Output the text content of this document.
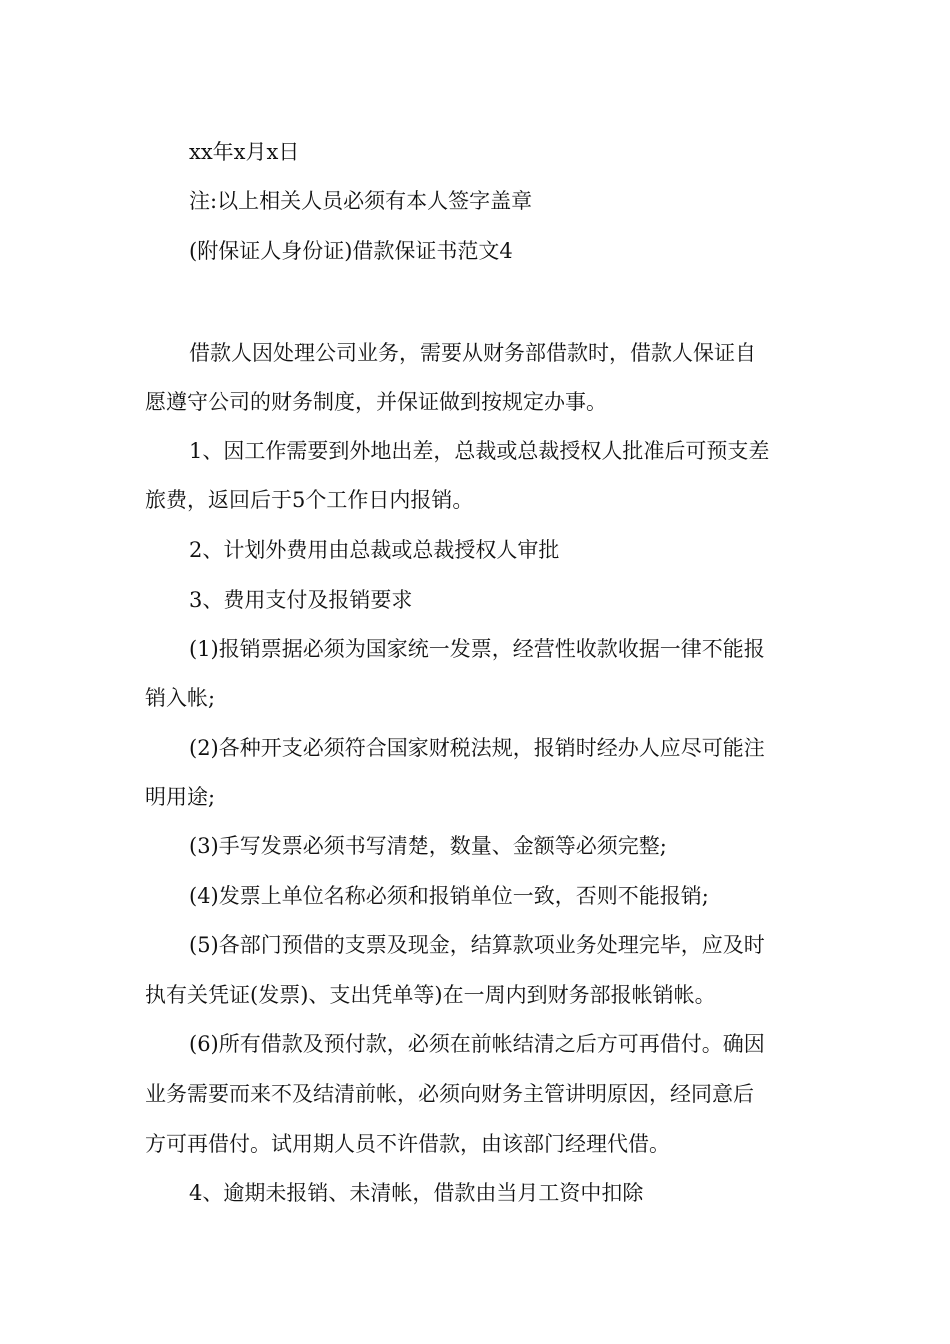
xx年x月x日
注:以上相关人员必须有本人签字盖章
(附保证人身份证)借款保证书范文4
借款人因处理公司业务，需要从财务部借款时，借款人保证自
愿遵守公司的财务制度，并保证做到按规定办事。
1、因工作需要到外地出差，总裁或总裁授权人批准后可预支差
旅费，返回后于5个工作日内报销。
2、计划外费用由总裁或总裁授权人审批
3、费用支付及报销要求
(1)报销票据必须为国家统一发票，经营性收款收据一律不能报
销入帐;
(2)各种开支必须符合国家财税法规，报销时经办人应尽可能注
明用途;
(3)手写发票必须书写清楚，数量、金额等必须完整;
(4)发票上单位名称必须和报销单位一致，否则不能报销;
(5)各部门预借的支票及现金，结算款项业务处理完毕，应及时
执有关凭证(发票)、支出凭单等)在一周内到财务部报帐销帐。
(6)所有借款及预付款，必须在前帐结清之后方可再借付。确因
业务需要而来不及结清前帐，必须向财务主管讲明原因，经同意后
方可再借付。试用期人员不许借款，由该部门经理代借。
4、逾期未报销、未清帐，借款由当月工资中扣除
